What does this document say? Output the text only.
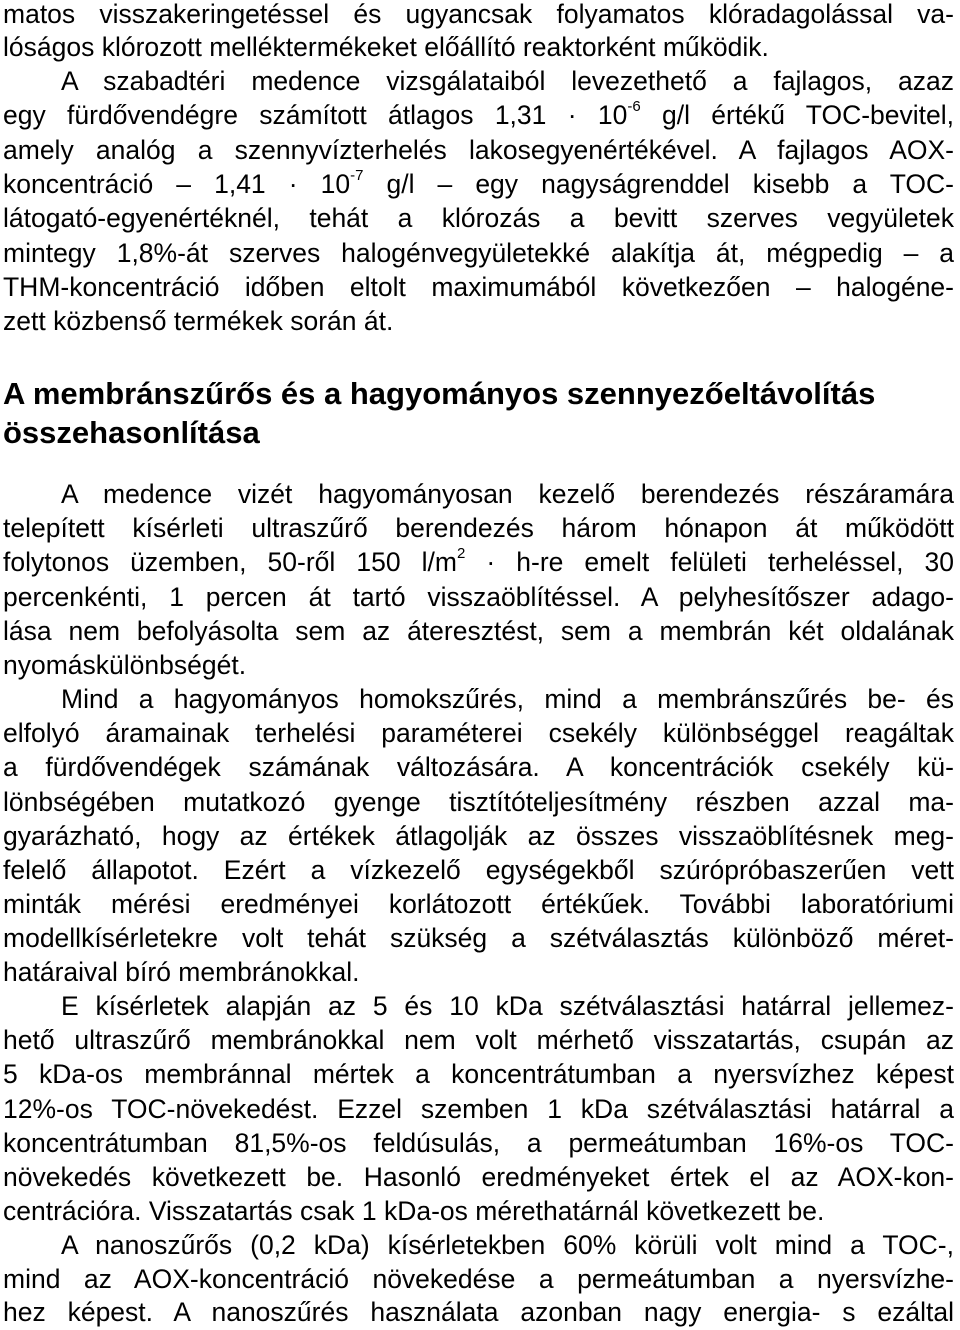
matos visszakeringetéssel és ugyancsak folyamatos klóradagolással va-
lóságos klórozott melléktermékeket előállító reaktorként működik.
A szabadtéri medence vizsgálataiból levezethető a fajlagos, azaz
egy fürdővendégre számított átlagos $1,31 \cdot 10^{-6}$ g/l értékű TOC-bevitel,
amely analóg a szennyvízterhelés lakosegyenértékével. A fajlagos AOX-
koncentráció – $1,41 \cdot 10^{-7}$ g/l – egy nagyságrenddel kisebb a TOC-
látogató-egyenértéknél, tehát a klórozás a bevitt szerves vegyületek
mintegy 1,8%-át szerves halogénvegyületekké alakítja át, mégpedig – a
THM-koncentráció időben eltolt maximumából következően – halogéne-
zett közbenső termékek során át.
A membránszűrős és a hagyományos szennyezőeltávolítás
összehasonlítása
A medence vizét hagyományosan kezelő berendezés részáramára
telepített kísérleti ultraszűrő berendezés három hónapon át működött
folytonos üzemben, 50-ről 150 $l/m^2 \cdot h-re$ emelt felületi terheléssel, 30
percenkénti, 1 percen át tartó visszaöblítéssel. A pelyhesítőszer adago-
lása nem befolyásolta sem az áteresztést, sem a membrán két oldalának
nyomáskülönbségét.
Mind a hagyományos homokszűrés, mind a membránszűrés be- és
elfolyó áramainak terhelési paraméterei csekély különbséggel reagáltak
a fürdővendégek számának változására. A koncentrációk csekély kü-
lönbségében mutatkozó gyenge tisztítóteljesítmény részben azzal ma-
gyarázható, hogy az értékek átlagolják az összes visszaöblítésnek meg-
felelő állapotot. Ezért a vízkezelő egységekből szúrópróbaszerűen vett
minták mérési eredményei korlátozott értékűek. További laboratóriumi
modellkísérletekre volt tehát szükség a szétválasztás különböző méret-
határaival bíró membránokkal.
E kísérletek alapján az 5 és 10 kDa szétválasztási határral jellemez-
hető ultraszűrő membránokkal nem volt mérhető visszatartás, csupán az
5 kDa-os membránnal mértek a koncentrátumban a nyersvízhez képest
12%-os TOC-növekedést. Ezzel szemben 1 kDa szétválasztási határral a
koncentrátumban 81,5%-os feldúsulás, a permeátumban 16%-os TOC-
növekedés következett be. Hasonló eredményeket értek el az AOX-kon-
centrációra. Visszatartás csak 1 kDa-os mérethatárnál következett be.
A nanoszűrős (0,2 kDa) kísérletekben 60% körüli volt mind a TOC-,
mind az AOX-koncentráció növekedése a permeátumban a nyersvízhe-
hez képest. A nanoszűrés használata azonban nagy energia- s ezáltal
